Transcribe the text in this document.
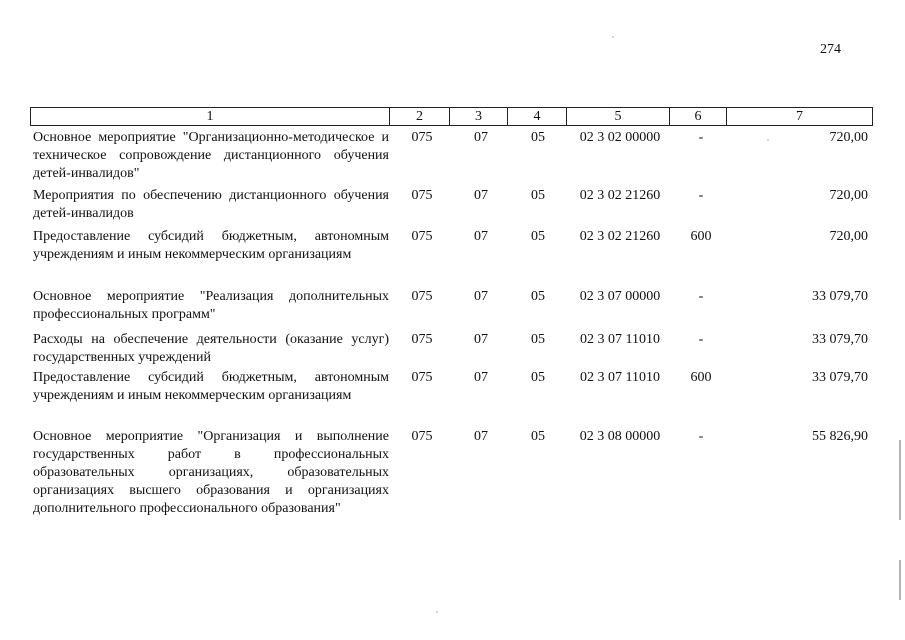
274
1	2	3	4	5	6	7
Основное мероприятие "Организационно-методическое и техническое сопровождение дистанционного обучения детей-инвалидов"
075	07	05	02 3 02 00000	-	720,00
Мероприятия по обеспечению дистанционного обучения детей-инвалидов
075	07	05	02 3 02 21260	-	720,00
Предоставление субсидий бюджетным, автономным учреждениям и иным некоммерческим организациям
075	07	05	02 3 02 21260	600	720,00
Основное мероприятие "Реализация дополнительных профессиональных программ"
075	07	05	02 3 07 00000	-	33 079,70
Расходы на обеспечение деятельности (оказание услуг) государственных учреждений
075	07	05	02 3 07 11010	-	33 079,70
Предоставление субсидий бюджетным, автономным учреждениям и иным некоммерческим организациям
075	07	05	02 3 07 11010	600	33 079,70
Основное мероприятие "Организация и выполнение государственных работ в профессиональных образовательных организациях, образовательных организациях высшего образования и организациях дополнительного профессионального образования"
075	07	05	02 3 08 00000	-	55 826,90
